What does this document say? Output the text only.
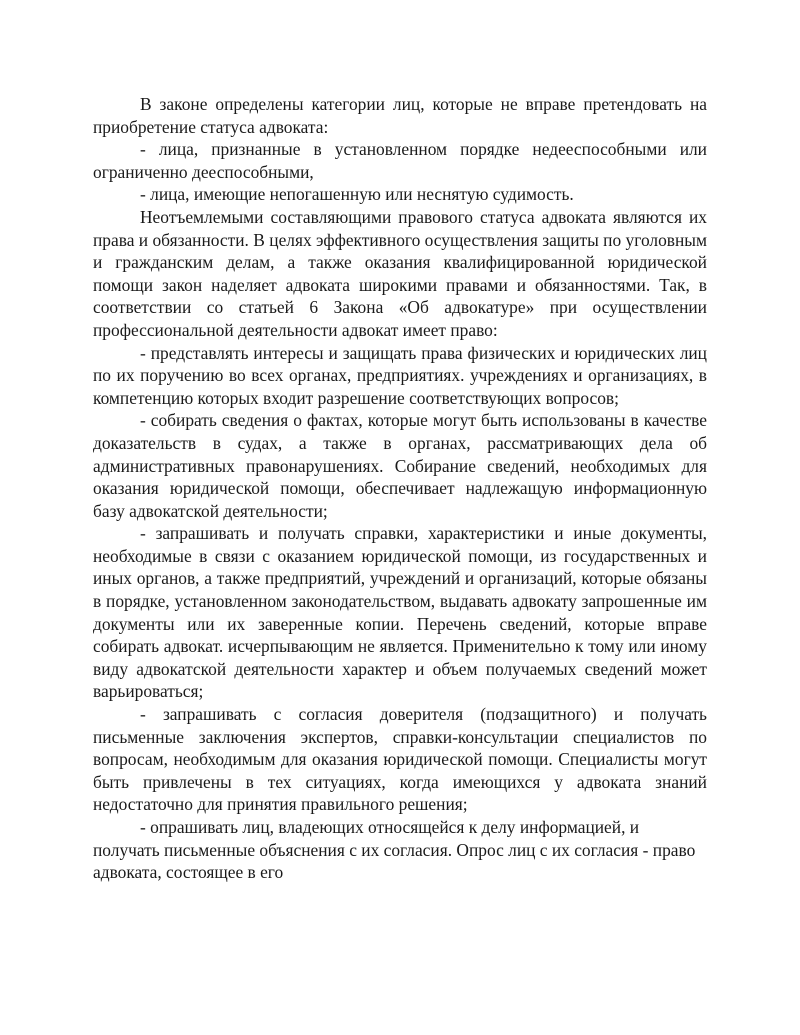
В законе определены категории лиц, которые не вправе претендовать на приобретение статуса адвоката:

- лица, признанные в установленном порядке недееспособными или ограниченно дееспособными,

- лица, имеющие непогашенную или неснятую судимость.

Неотъемлемыми составляющими правового статуса адвоката являются их права и обязанности. В целях эффективного осуществления защиты по уголовным и гражданским делам, а также оказания квалифицированной юридической помощи закон наделяет адвоката широкими правами и обязанностями. Так, в соответствии со статьей 6 Закона «Об адвокатуре» при осуществлении профессиональной деятельности адвокат имеет право:

- представлять интересы и защищать права физических и юридических лиц по их поручению во всех органах, предприятиях. учреждениях и организациях, в компетенцию которых входит разрешение соответствующих вопросов;

- собирать сведения о фактах, которые могут быть использованы в качестве доказательств в судах, а также в органах, рассматривающих дела об административных правонарушениях. Собирание сведений, необходимых для оказания юридической помощи, обеспечивает надлежащую информационную базу адвокатской деятельности;

- запрашивать и получать справки, характеристики и иные документы, необходимые в связи с оказанием юридической помощи, из государственных и иных органов, а также предприятий, учреждений и организаций, которые обязаны в порядке, установленном законодательством, выдавать адвокату запрошенные им документы или их заверенные копии. Перечень сведений, которые вправе собирать адвокат. исчерпывающим не является. Применительно к тому или иному виду адвокатской деятельности характер и объем получаемых сведений может варьироваться;

- запрашивать с согласия доверителя (подзащитного) и получать письменные заключения экспертов, справки-консультации специалистов по вопросам, необходимым для оказания юридической помощи. Специалисты могут быть привлечены в тех ситуациях, когда имеющихся у адвоката знаний недостаточно для принятия правильного решения;

- опрашивать лиц, владеющих относящейся к делу информацией, и получать письменные объяснения с их согласия. Опрос лиц с их согласия - право адвоката, состоящее в его
